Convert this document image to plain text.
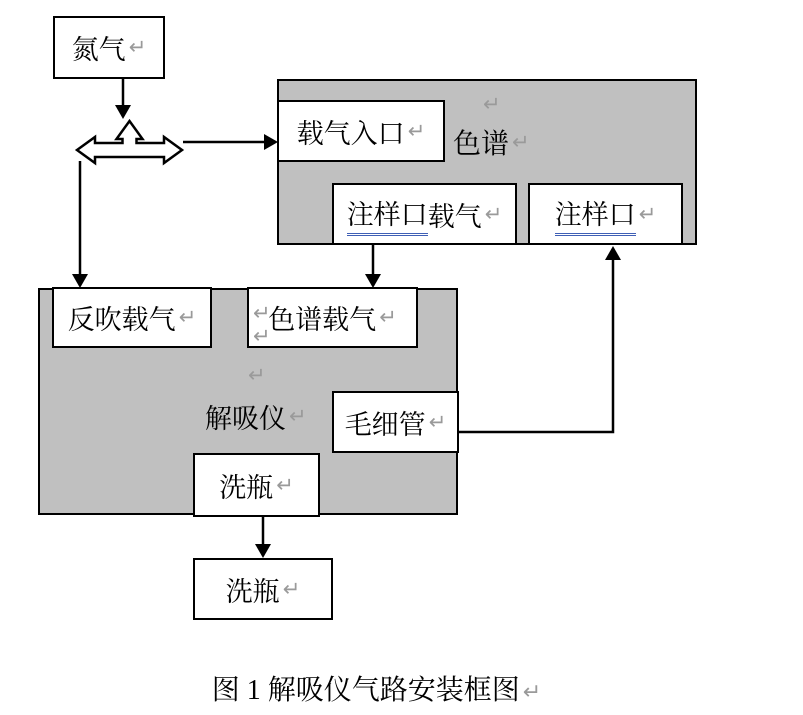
氮气 ↵
载气入口 ↵
↵
色谱 ↵
注样口 载气 ↵ 注样口 ↵
反吹载气 ↵	↵
色谱载气 ↵
↵
↵
解吸仪 ↵ 毛细管 ↵
洗瓶 ↵
洗瓶 ↵
图 1 解吸仪气路安装框图 ↵
